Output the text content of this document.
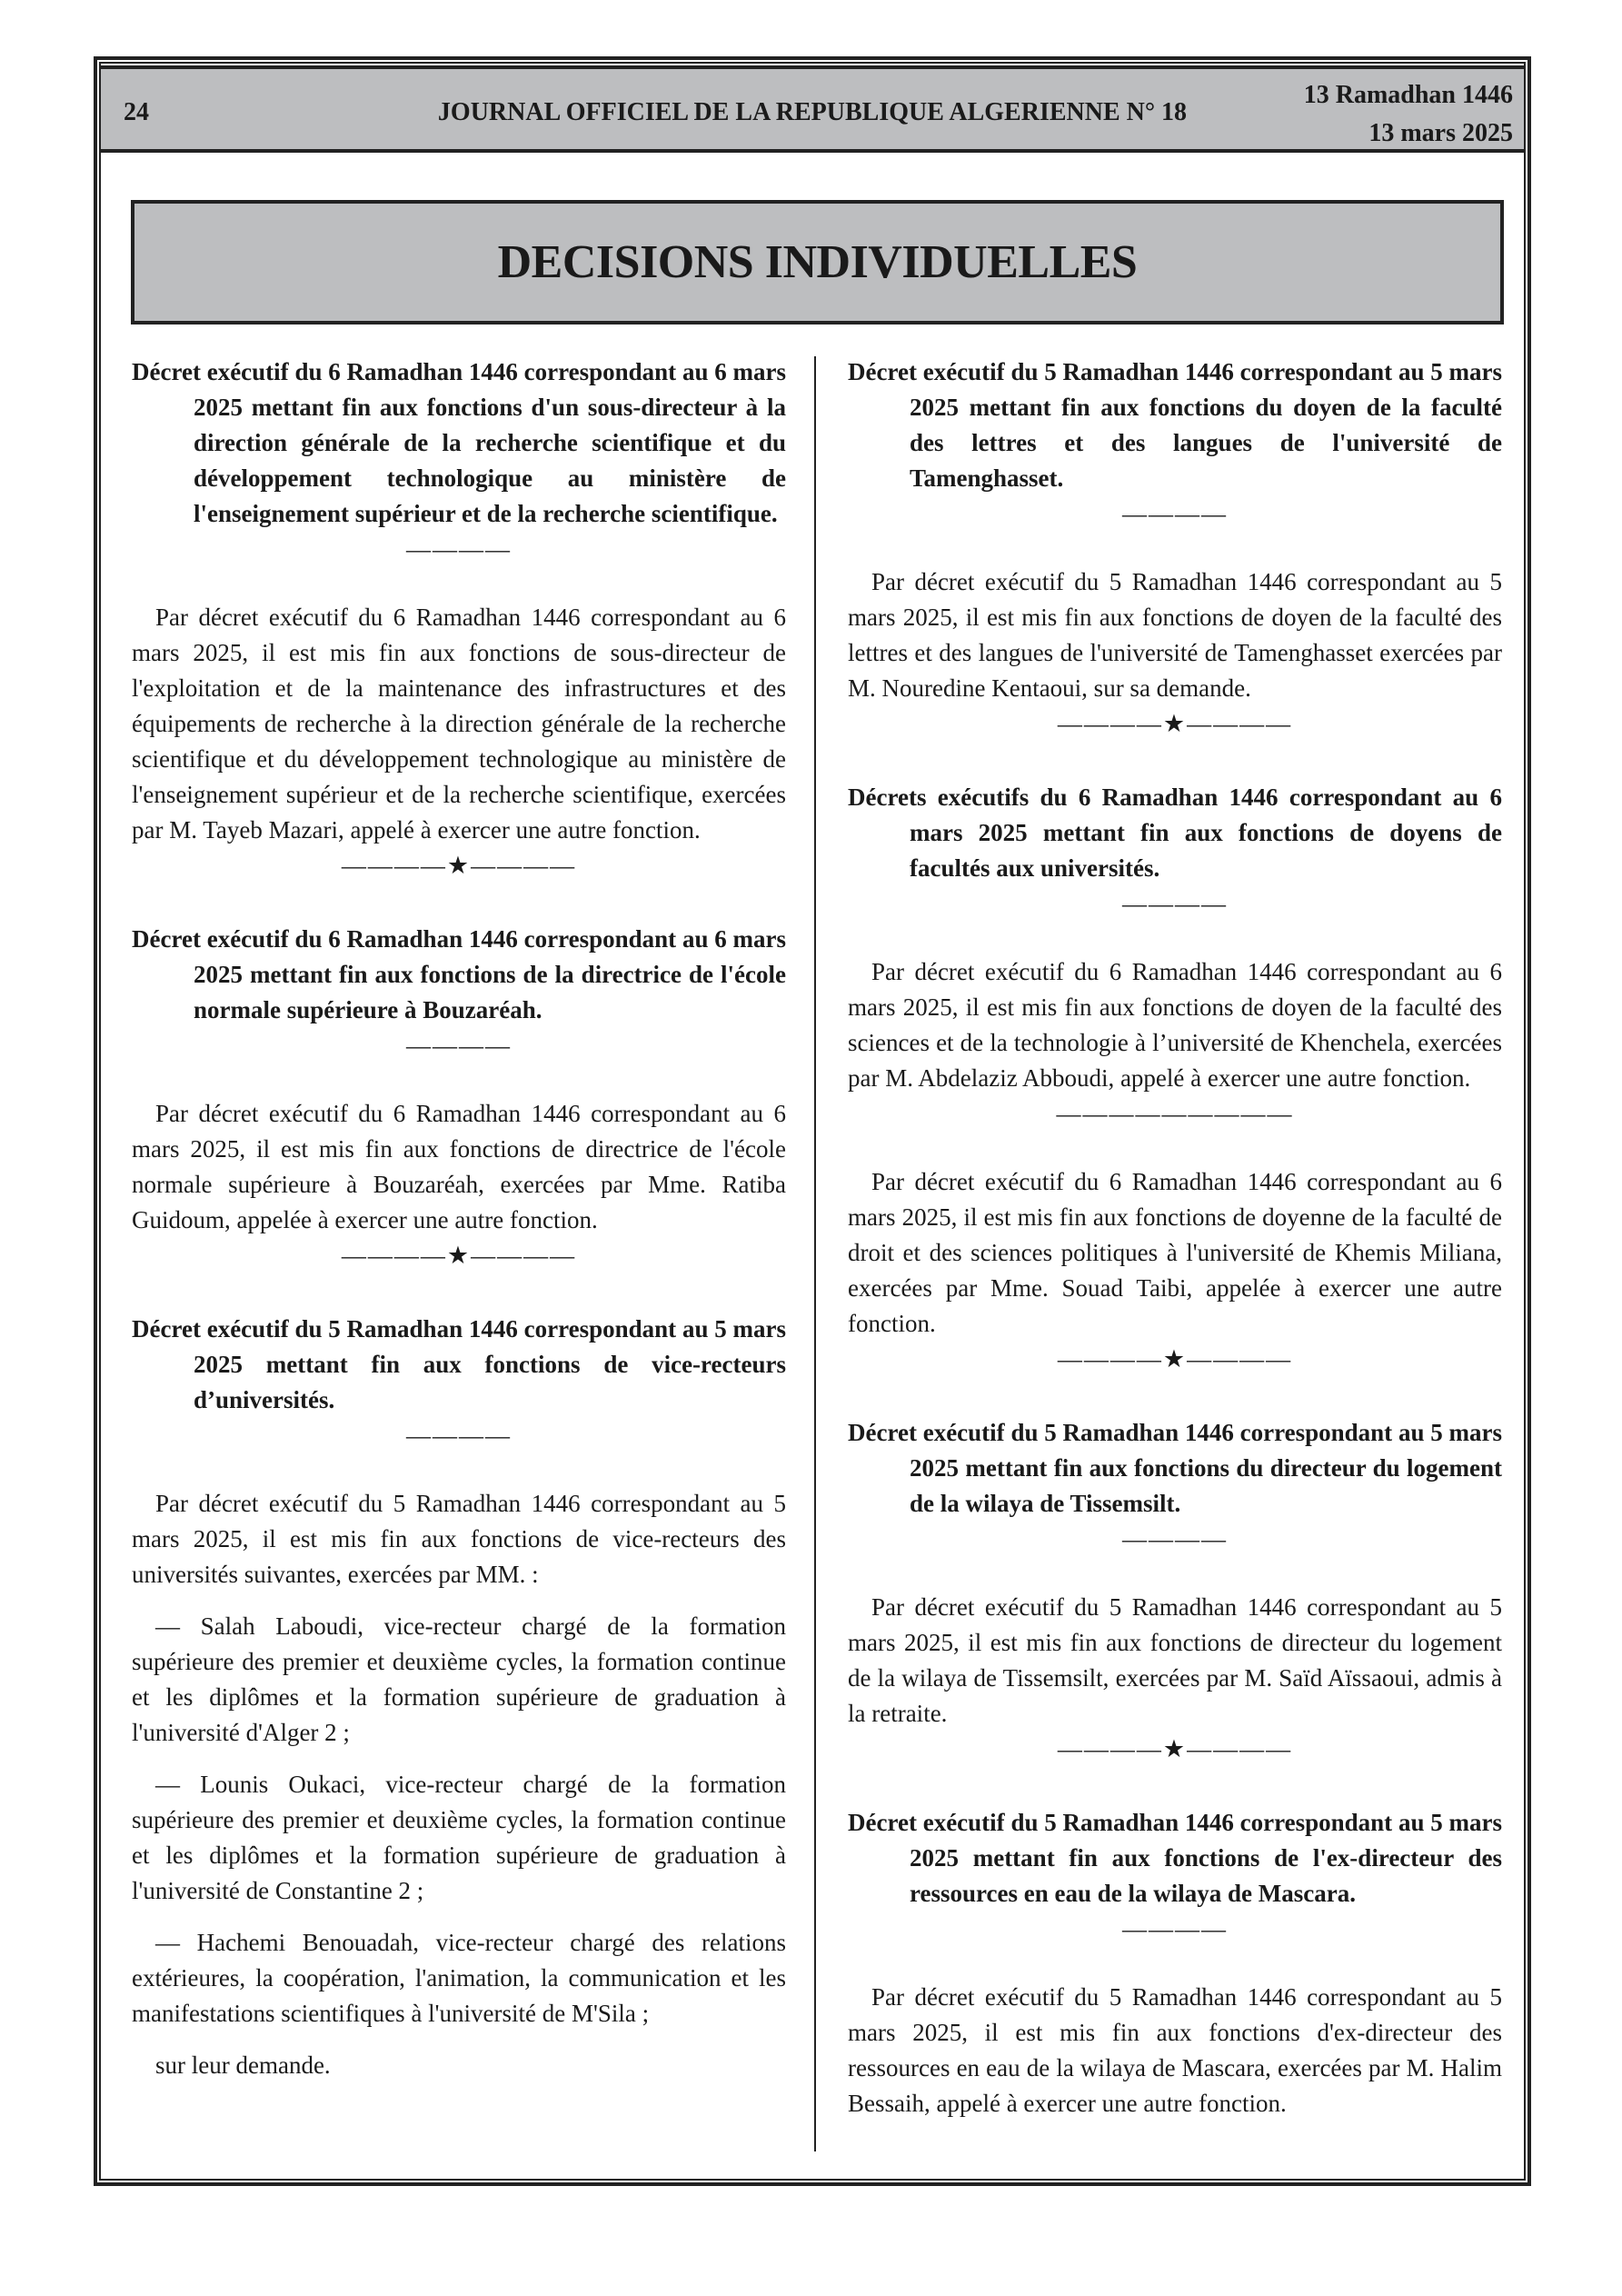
24	JOURNAL OFFICIEL DE LA REPUBLIQUE ALGERIENNE N° 18
13 Ramadhan 1446
13 mars 2025
DECISIONS INDIVIDUELLES
Décret exécutif du 6 Ramadhan 1446 correspondant au 6 mars 2025 mettant fin aux fonctions d'un sous-directeur à la direction générale de la recherche scientifique et du développement technologique au ministère de l'enseignement supérieur et de la recherche scientifique.
————
Par décret exécutif du 6 Ramadhan 1446 correspondant au 6 mars 2025, il est mis fin aux fonctions de sous-directeur de l'exploitation et de la maintenance des infrastructures et des équipements de recherche à la direction générale de la recherche scientifique et du développement technologique au ministère de l'enseignement supérieur et de la recherche scientifique, exercées par M. Tayeb Mazari, appelé à exercer une autre fonction.
————★————
Décret exécutif du 6 Ramadhan 1446 correspondant au 6 mars 2025 mettant fin aux fonctions de la directrice de l'école normale supérieure à Bouzaréah.
————
Par décret exécutif du 6 Ramadhan 1446 correspondant au 6 mars 2025, il est mis fin aux fonctions de directrice de l'école normale supérieure à Bouzaréah, exercées par Mme. Ratiba Guidoum, appelée à exercer une autre fonction.
————★————
Décret exécutif du 5 Ramadhan 1446 correspondant au 5 mars 2025 mettant fin aux fonctions de vice-recteurs d’universités.
————
Par décret exécutif du 5 Ramadhan 1446 correspondant au 5 mars 2025, il est mis fin aux fonctions de vice-recteurs des universités suivantes, exercées par MM. :
— Salah Laboudi, vice-recteur chargé de la formation supérieure des premier et deuxième cycles, la formation continue et les diplômes et la formation supérieure de graduation à l'université d'Alger 2 ;
— Lounis Oukaci, vice-recteur chargé de la formation supérieure des premier et deuxième cycles, la formation continue et les diplômes et la formation supérieure de graduation à l'université de Constantine 2 ;
— Hachemi Benouadah, vice-recteur chargé des relations extérieures, la coopération, l'animation, la communication et les manifestations scientifiques à l'université de M'Sila ;
sur leur demande.
Décret exécutif du 5 Ramadhan 1446 correspondant au 5 mars 2025 mettant fin aux fonctions du doyen de la faculté des lettres et des langues de l'université de Tamenghasset.
————
Par décret exécutif du 5 Ramadhan 1446 correspondant au 5 mars 2025, il est mis fin aux fonctions de doyen de la faculté des lettres et des langues de l'université de Tamenghasset exercées par M. Nouredine Kentaoui, sur sa demande.
————★————
Décrets exécutifs du 6 Ramadhan 1446 correspondant au 6 mars 2025 mettant fin aux fonctions de doyens de facultés aux universités.
————
Par décret exécutif du 6 Ramadhan 1446 correspondant au 6 mars 2025, il est mis fin aux fonctions de doyen de la faculté des sciences et de la technologie à l’université de Khenchela, exercées par M. Abdelaziz Abboudi, appelé à exercer une autre fonction.
—————————
Par décret exécutif du 6 Ramadhan 1446 correspondant au 6 mars 2025, il est mis fin aux fonctions de doyenne de la faculté de droit et des sciences politiques à l'université de Khemis Miliana, exercées par Mme. Souad Taibi, appelée à exercer une autre fonction.
————★————
Décret exécutif du 5 Ramadhan 1446 correspondant au 5 mars 2025 mettant fin aux fonctions du directeur du logement de la wilaya de Tissemsilt.
————
Par décret exécutif du 5 Ramadhan 1446 correspondant au 5 mars 2025, il est mis fin aux fonctions de directeur du logement de la wilaya de Tissemsilt, exercées par M. Saïd Aïssaoui, admis à la retraite.
————★————
Décret exécutif du 5 Ramadhan 1446 correspondant au 5 mars 2025 mettant fin aux fonctions de l'ex-directeur des ressources en eau de la wilaya de Mascara.
————
Par décret exécutif du 5 Ramadhan 1446 correspondant au 5 mars 2025, il est mis fin aux fonctions d'ex-directeur des ressources en eau de la wilaya de Mascara, exercées par M. Halim Bessaih, appelé à exercer une autre fonction.
